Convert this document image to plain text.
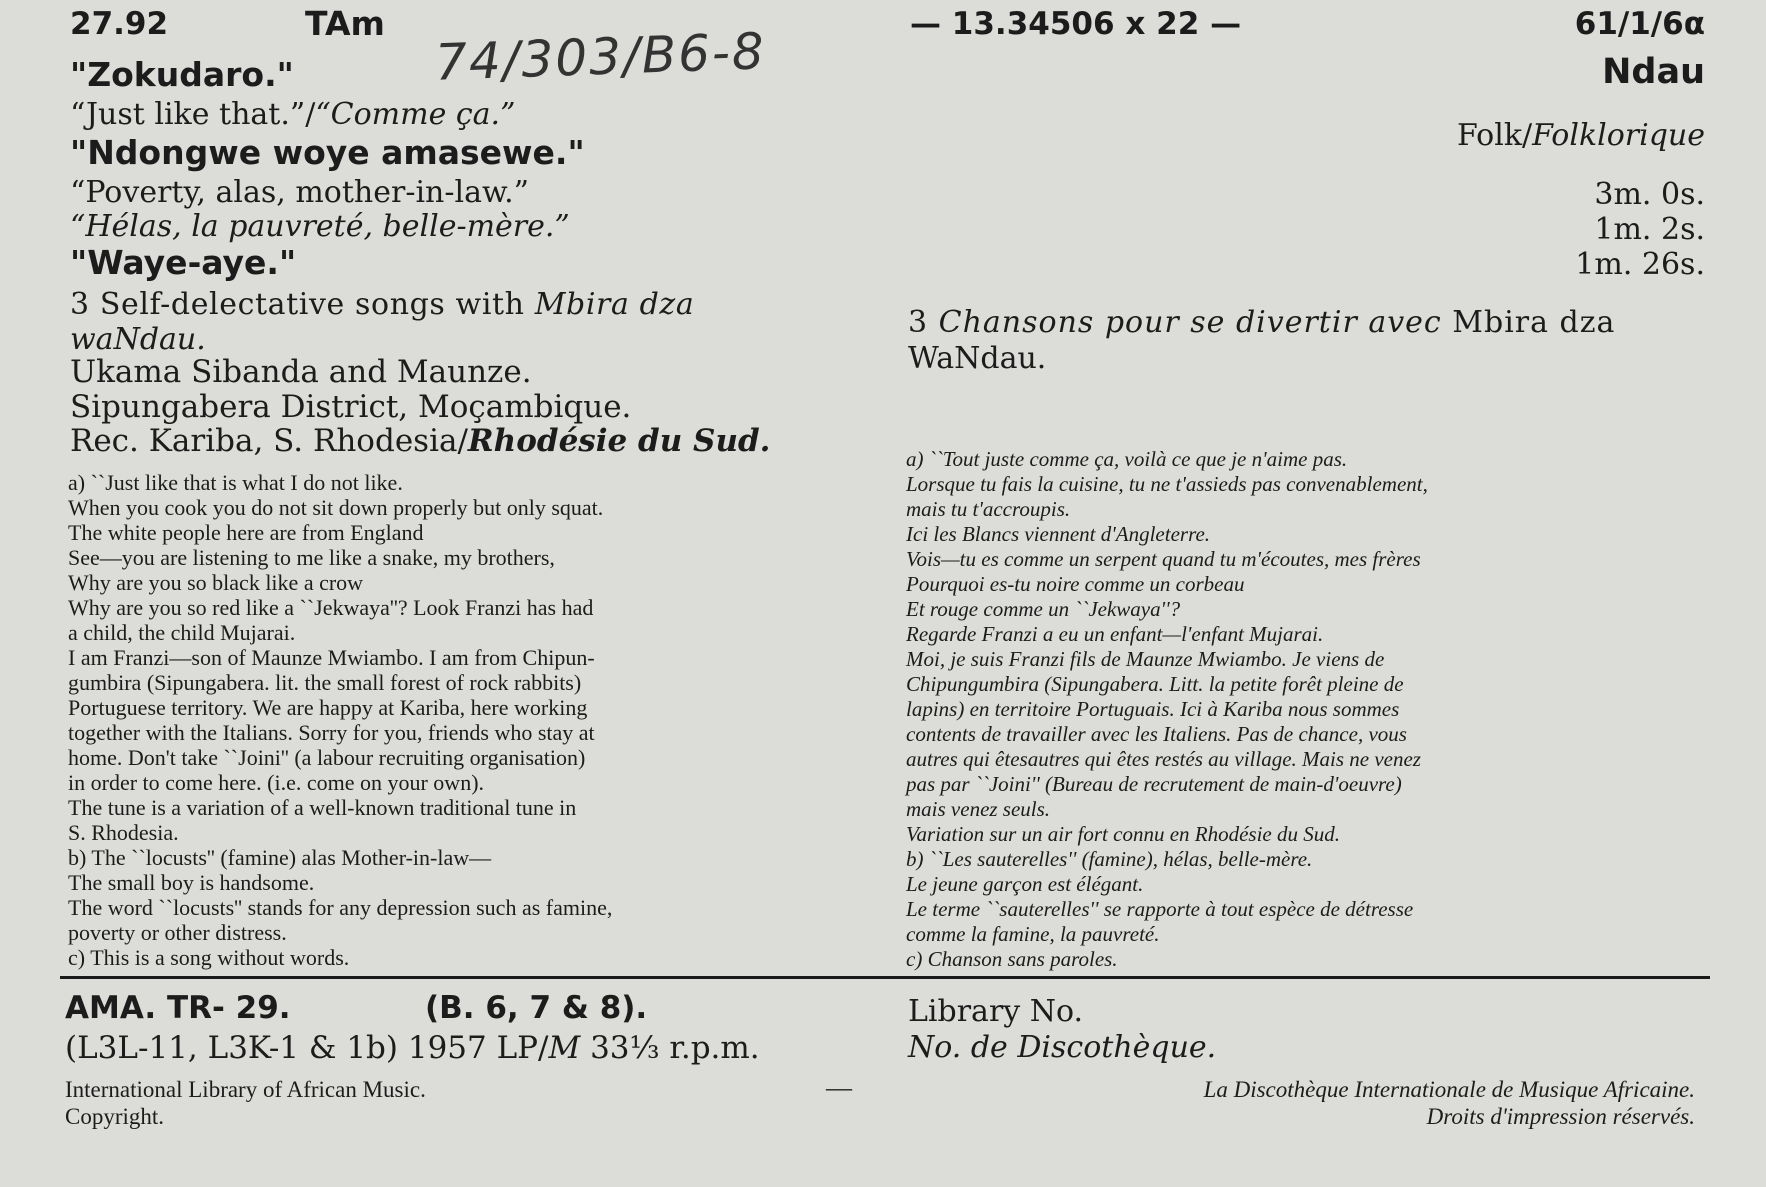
27.92	TAm 74/303/B6-8	— 13.34506 x 22 —	61/1/6α
"Zokudaro."
“Just like that.”/“Comme ça.”
"Ndongwe woye amasewe."
“Poverty, alas, mother-in-law.”
“Hélas, la pauvreté, belle-mère.”
"Waye-aye."
Ndau
Folk/Folklorique
3m. 0s.
1m. 2s.
1m. 26s.
3 Self-delectative songs with Mbira dza
waNdau.
Ukama Sibanda and Maunze.
Sipungabera District, Moçambique.
Rec. Kariba, S. Rhodesia/Rhodésie du Sud.
3 Chansons pour se divertir avec Mbira dza
WaNdau.
a) ``Just like that is what I do not like.
When you cook you do not sit down properly but only squat.
The white people here are from England
See—you are listening to me like a snake, my brothers,
Why are you so black like a crow
Why are you so red like a ``Jekwaya''? Look Franzi has had
a child, the child Mujarai.
I am Franzi—son of Maunze Mwiambo. I am from Chipun-
gumbira (Sipungabera. lit. the small forest of rock rabbits)
Portuguese territory. We are happy at Kariba, here working
together with the Italians. Sorry for you, friends who stay at
home. Don't take ``Joini'' (a labour recruiting organisation)
in order to come here. (i.e. come on your own).
The tune is a variation of a well-known traditional tune in
S. Rhodesia.
b) The ``locusts'' (famine) alas Mother-in-law—
The small boy is handsome.
The word ``locusts'' stands for any depression such as famine,
poverty or other distress.
c) This is a song without words.
a) ``Tout juste comme ça, voilà ce que je n'aime pas.
Lorsque tu fais la cuisine, tu ne t'assieds pas convenablement,
mais tu t'accroupis.
Ici les Blancs viennent d'Angleterre.
Vois—tu es comme un serpent quand tu m'écoutes, mes frères
Pourquoi es-tu noire comme un corbeau
Et rouge comme un ``Jekwaya''?
Regarde Franzi a eu un enfant—l'enfant Mujarai.
Moi, je suis Franzi fils de Maunze Mwiambo. Je viens de
Chipungumbira (Sipungabera. Litt. la petite forêt pleine de
lapins) en territoire Portuguais. Ici à Kariba nous sommes
contents de travailler avec les Italiens. Pas de chance, vous
autres qui êtesautres qui êtes restés au village. Mais ne venez
pas par ``Joini'' (Bureau de recrutement de main-d'oeuvre)
mais venez seuls.
Variation sur un air fort connu en Rhodésie du Sud.
b) ``Les sauterelles'' (famine), hélas, belle-mère.
Le jeune garçon est élégant.
Le terme ``sauterelles'' se rapporte à tout espèce de détresse
comme la famine, la pauvreté.
c) Chanson sans paroles.
AMA. TR- 29.	(B. 6, 7 & 8).
(L3L-11, L3K-1 & 1b) 1957 LP/M 33⅓ r.p.m.
International Library of African Music.	—
Copyright.
Library No.
No. de Discothèque.
La Discothèque Internationale de Musique Africaine.
Droits d'impression réservés.
